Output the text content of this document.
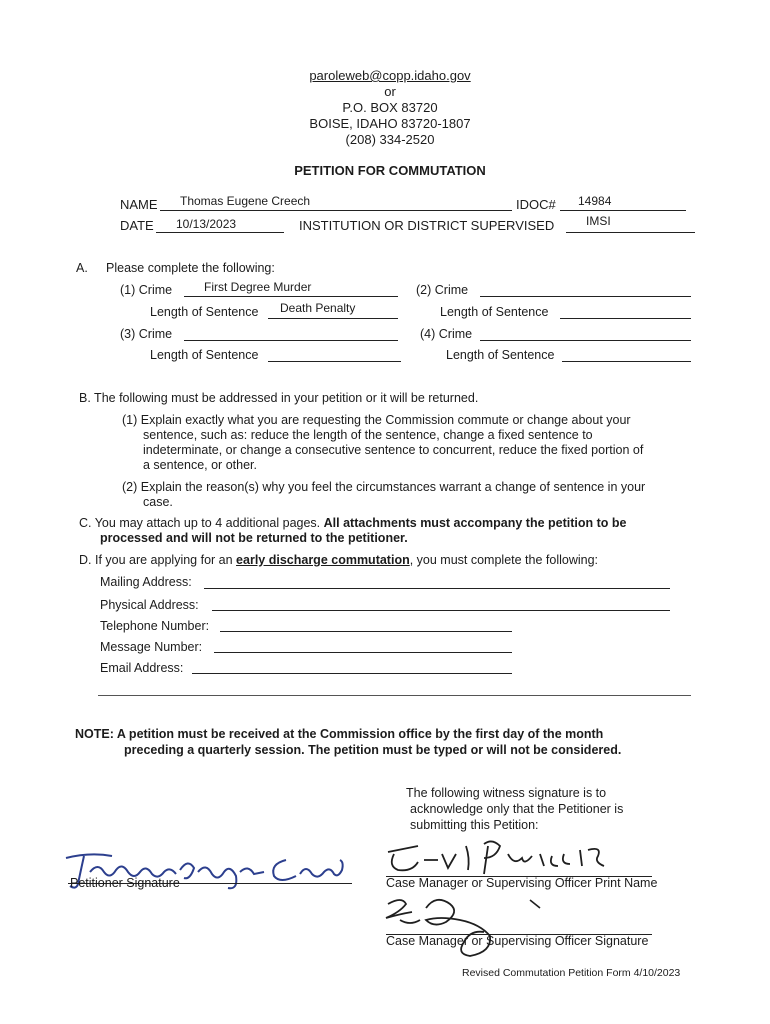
paroleweb@copp.idaho.gov
or
P.O. BOX 83720
BOISE, IDAHO 83720-1807
(208) 334-2520
PETITION FOR COMMUTATION
NAME Thomas Eugene Creech	IDOC# 14984
DATE 10/13/2023	INSTITUTION OR DISTRICT SUPERVISED	IMSI
A. Please complete the following:
(1) Crime	First Degree Murder
Length of Sentence Death Penalty
(2) Crime
Length of Sentence
(3) Crime
Length of Sentence
(4) Crime
Length of Sentence
B. The following must be addressed in your petition or it will be returned.
(1) Explain exactly what you are requesting the Commission commute or change about your
sentence, such as: reduce the length of the sentence, change a fixed sentence to
indeterminate, or change a consecutive sentence to concurrent, reduce the fixed portion of
a sentence, or other.
(2) Explain the reason(s) why you feel the circumstances warrant a change of sentence in your
case.
C. You may attach up to 4 additional pages. All attachments must accompany the petition to be
processed and will not be returned to the petitioner.
D. If you are applying for an early discharge commutation, you must complete the following:
Mailing Address:
Physical Address:
Telephone Number:
Message Number:
Email Address:
NOTE: A petition must be received at the Commission office by the first day of the month
preceding a quarterly session. The petition must be typed or will not be considered.
The following witness signature is to
acknowledge only that the Petitioner is
submitting this Petition:
Petitioner Signature	Case Manager or Supervising Officer Print Name
Case Manager or Supervising Officer Signature
Revised Commutation Petition Form 4/10/2023
